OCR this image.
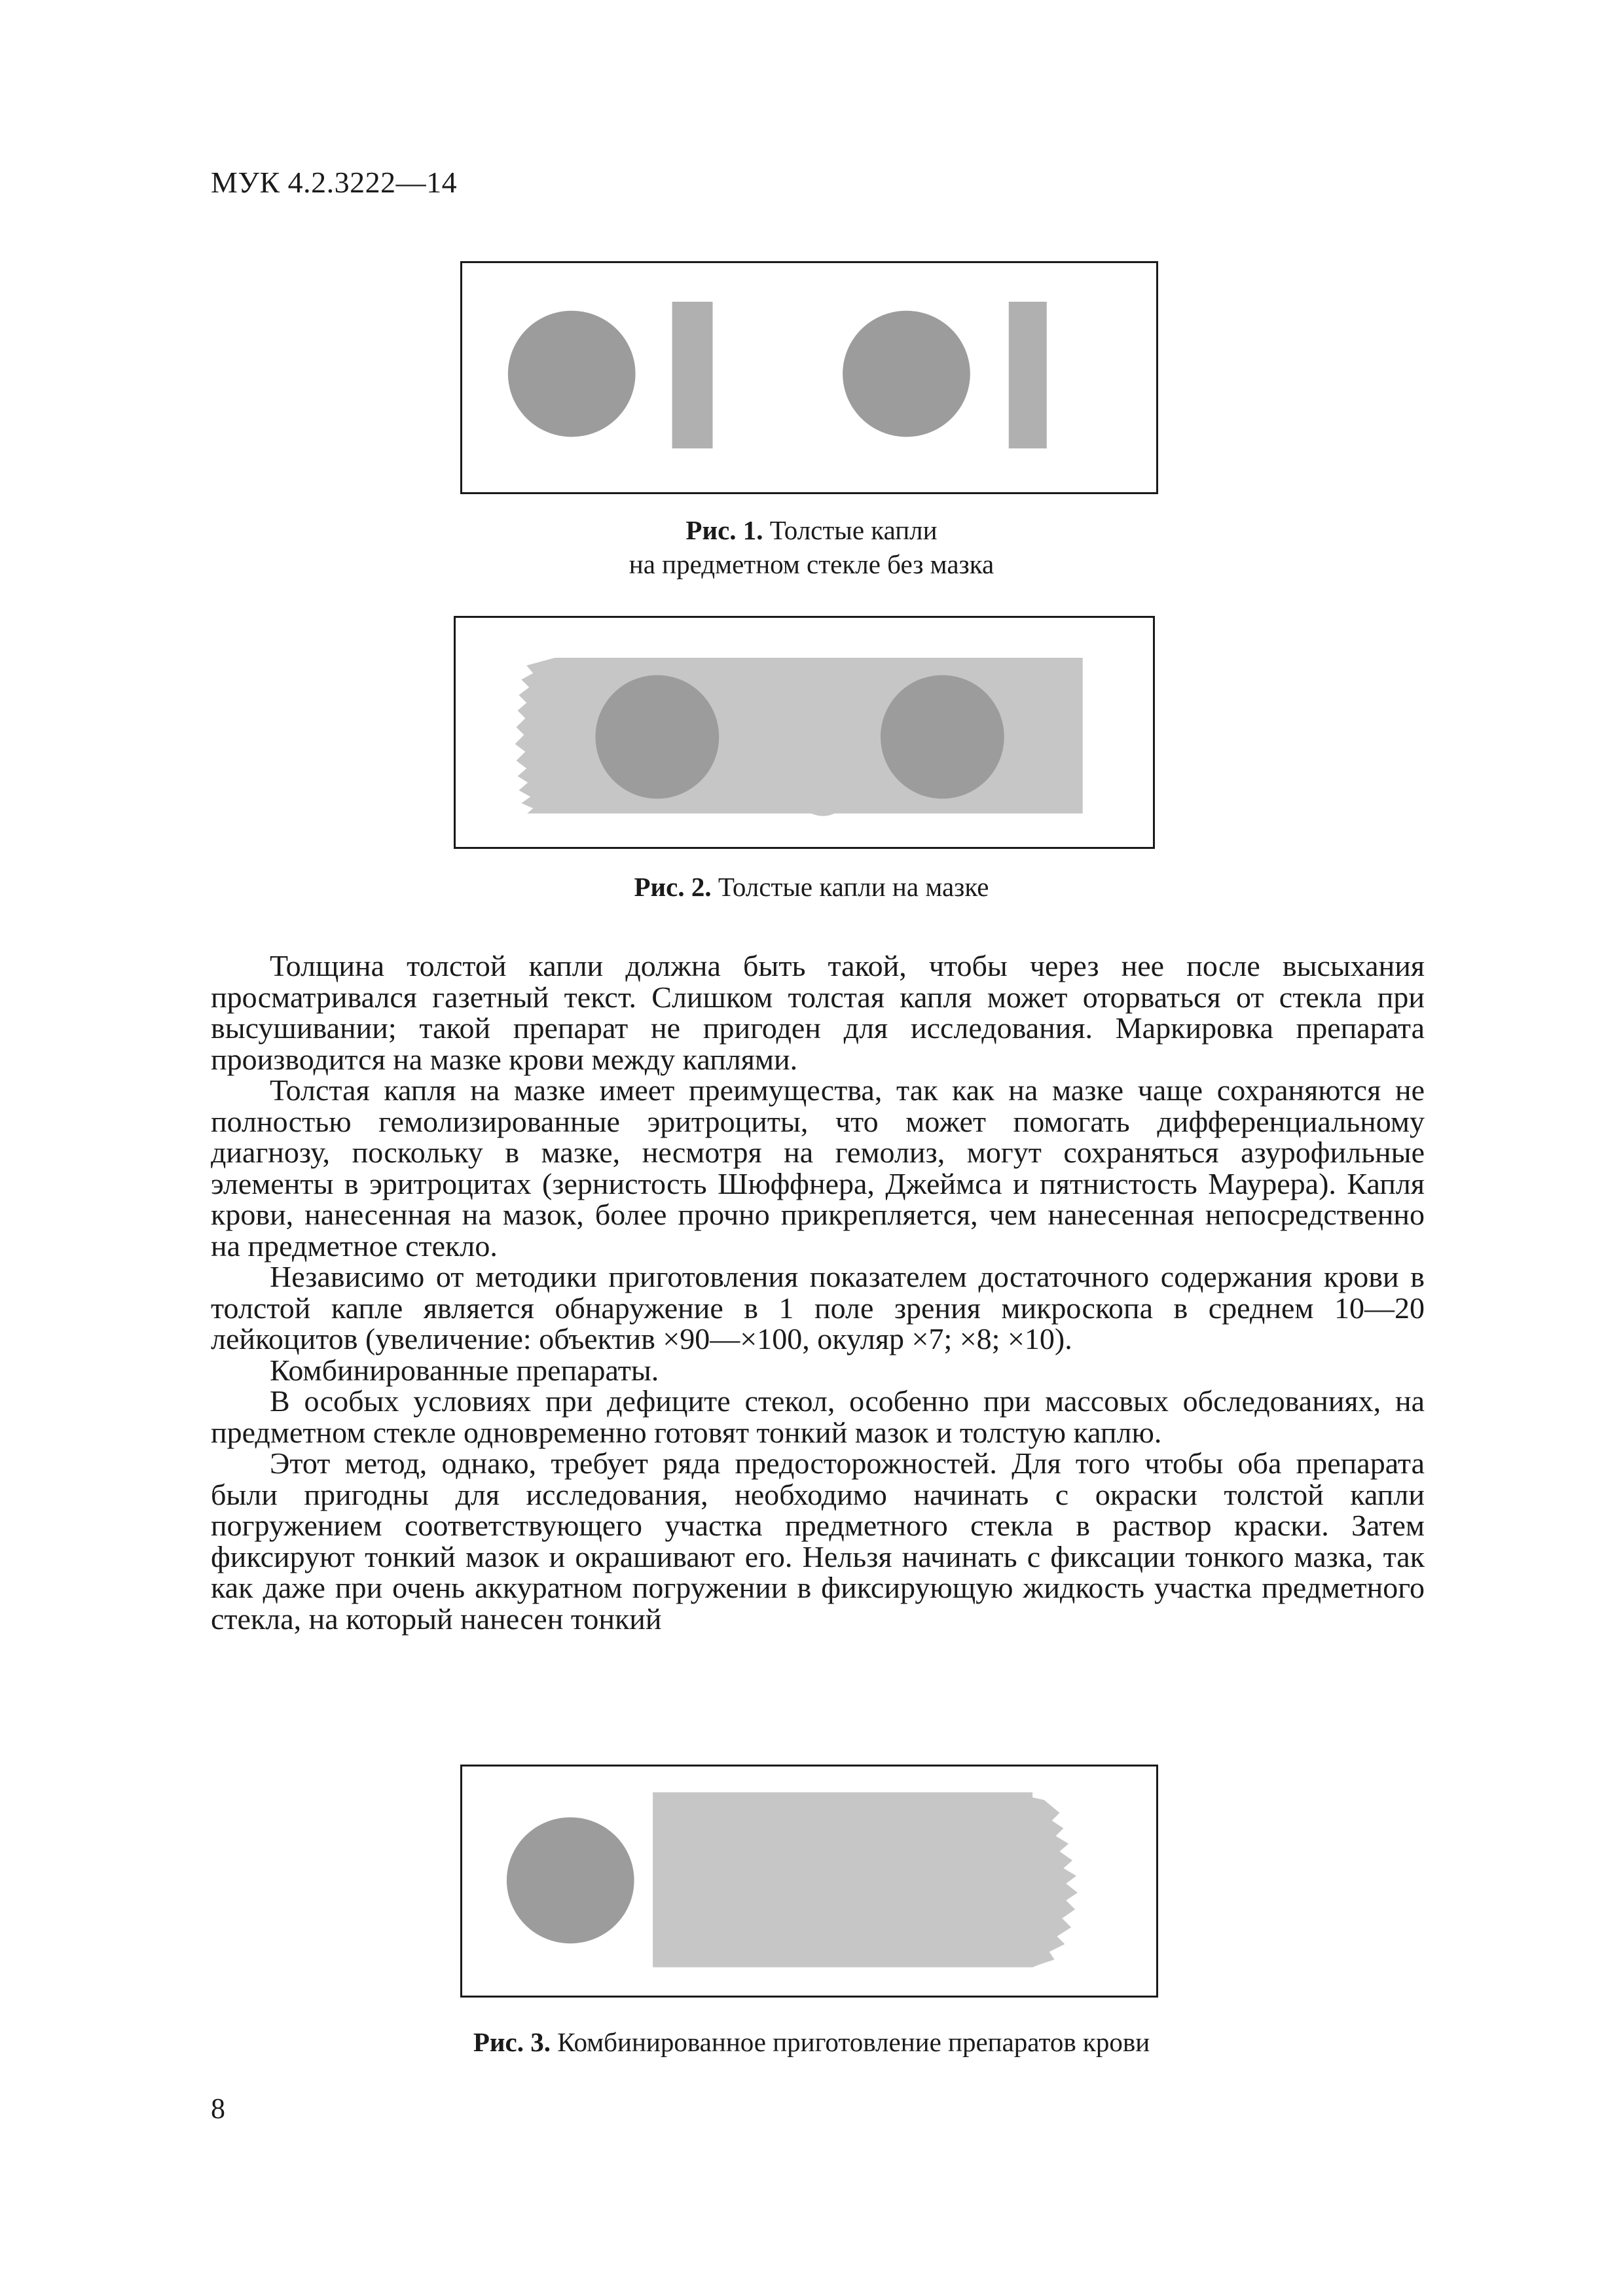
МУК 4.2.3222—14
Рис. 1. Толстые капли
на предметном стекле без мазка
Рис. 2. Толстые капли на мазке

Толщина толстой капли должна быть такой, чтобы через нее после высыхания просматривался газетный текст. Слишком толстая капля может оторваться от стекла при высушивании; такой препарат не пригоден для исследования. Маркировка препарата производится на мазке крови между каплями.

Толстая капля на мазке имеет преимущества, так как на мазке чаще сохраняются не полностью гемолизированные эритроциты, что может помогать дифференциальному диагнозу, поскольку в мазке, несмотря на гемолиз, могут сохраняться азурофильные элементы в эритроцитах (зернистость Шюффнера, Джеймса и пятнистость Маурера). Капля крови, нанесенная на мазок, более прочно прикрепляется, чем нанесенная непосредственно на предметное стекло.

Независимо от методики приготовления показателем достаточного содержания крови в толстой капле является обнаружение в 1 поле зрения микроскопа в среднем 10—20 лейкоцитов (увеличение: объектив ×90—×100, окуляр ×7; ×8; ×10).

Комбинированные препараты.

В особых условиях при дефиците стекол, особенно при массовых обследованиях, на предметном стекле одновременно готовят тонкий мазок и толстую каплю.

Этот метод, однако, требует ряда предосторожностей. Для того чтобы оба препарата были пригодны для исследования, необходимо начинать с окраски толстой капли погружением соответствующего участка предметного стекла в раствор краски. Затем фиксируют тонкий мазок и окрашивают его. Нельзя начинать с фиксации тонкого мазка, так как даже при очень аккуратном погружении в фиксирующую жидкость участка предметного стекла, на который нанесен тонкий

Рис. 3. Комбинированное приготовление препаратов крови
8
